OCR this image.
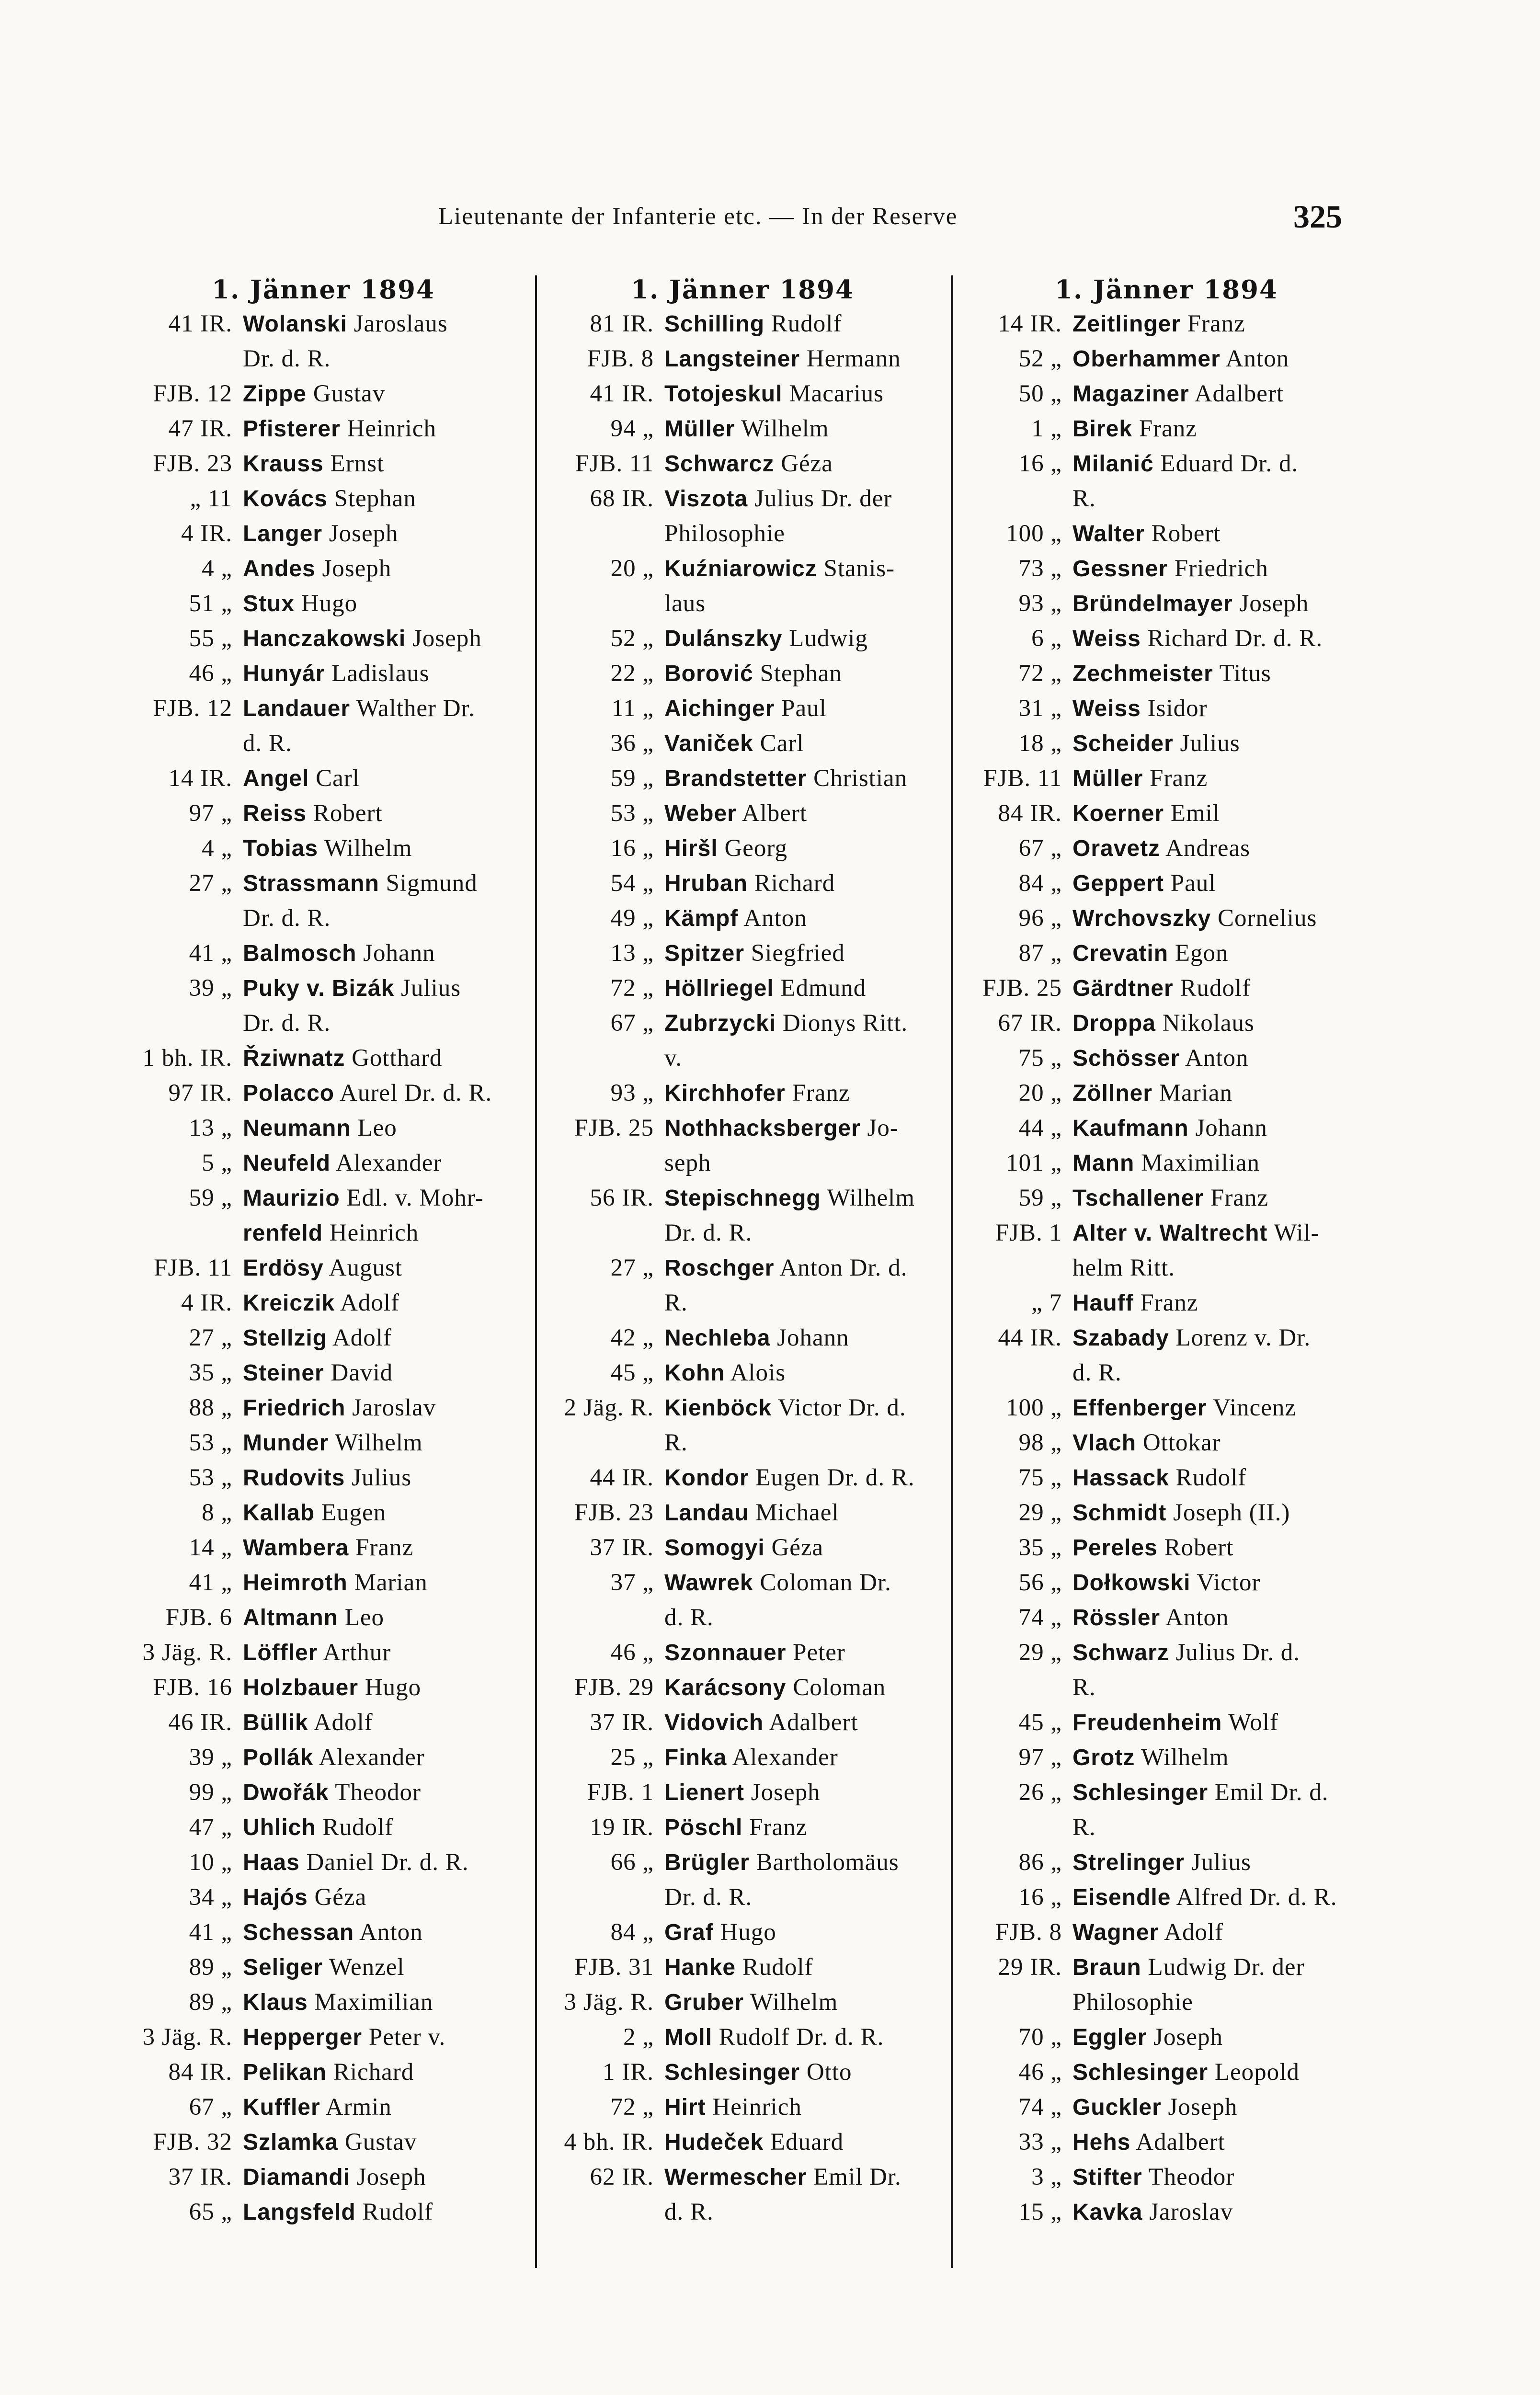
Lieutenante der Infanterie etc. — In der Reserve	325
1. Jänner 1894
41 IR. Wolanski Jaroslaus
Dr. d. R.
FJB. 12 Zippe Gustav
47 IR. Pfisterer Heinrich
FJB. 23 Krauss Ernst
„ 11 Kovács Stephan
4 IR. Langer Joseph
4 „ Andes Joseph
51 „ Stux Hugo
55 „ Hanczakowski Joseph
46 „ Hunyár Ladislaus
FJB. 12 Landauer Walther Dr.
d. R.
14 IR. Angel Carl
97 „ Reiss Robert
4 „ Tobias Wilhelm
27 „ Strassmann Sigmund
Dr. d. R.
41 „ Balmosch Johann
39 „ Puky v. Bizák Julius
Dr. d. R.
1 bh. IR. Řziwnatz Gotthard
97 IR. Polacco Aurel Dr. d. R.
13 „ Neumann Leo
5 „ Neufeld Alexander
59 „ Maurizio Edl. v. Mohr-
renfeld Heinrich
FJB. 11 Erdösy August
4 IR. Kreiczik Adolf
27 „ Stellzig Adolf
35 „ Steiner David
88 „ Friedrich Jaroslav
53 „ Munder Wilhelm
53 „ Rudovits Julius
8 „ Kallab Eugen
14 „ Wambera Franz
41 „ Heimroth Marian
FJB. 6 Altmann Leo
3 Jäg. R. Löffler Arthur
FJB. 16 Holzbauer Hugo
46 IR. Büllik Adolf
39 „ Pollák Alexander
99 „ Dwořák Theodor
47 „ Uhlich Rudolf
10 „ Haas Daniel Dr. d. R.
34 „ Hajós Géza
41 „ Schessan Anton
89 „ Seliger Wenzel
89 „ Klaus Maximilian
3 Jäg. R. Hepperger Peter v.
84 IR. Pelikan Richard
67 „ Kuffler Armin
FJB. 32 Szlamka Gustav
37 IR. Diamandi Joseph
65 „ Langsfeld Rudolf
1. Jänner 1894
81 IR. Schilling Rudolf
FJB. 8 Langsteiner Hermann
41 IR. Totojeskul Macarius
94 „ Müller Wilhelm
FJB. 11 Schwarcz Géza
68 IR. Viszota Julius Dr. der
Philosophie
20 „ Kuźniarowicz Stanis-
laus
52 „ Dulánszky Ludwig
22 „ Borović Stephan
11 „ Aichinger Paul
36 „ Vaniček Carl
59 „ Brandstetter Christian
53 „ Weber Albert
16 „ Hiršl Georg
54 „ Hruban Richard
49 „ Kämpf Anton
13 „ Spitzer Siegfried
72 „ Höllriegel Edmund
67 „ Zubrzycki Dionys Ritt.
v.
93 „ Kirchhofer Franz
FJB. 25 Nothhacksberger Jo-
seph
56 IR. Stepischnegg Wilhelm
Dr. d. R.
27 „ Roschger Anton Dr. d.
R.
42 „ Nechleba Johann
45 „ Kohn Alois
2 Jäg. R. Kienböck Victor Dr. d.
R.
44 IR. Kondor Eugen Dr. d. R.
FJB. 23 Landau Michael
37 IR. Somogyi Géza
37 „ Wawrek Coloman Dr.
d. R.
46 „ Szonnauer Peter
FJB. 29 Karácsony Coloman
37 IR. Vidovich Adalbert
25 „ Finka Alexander
FJB. 1 Lienert Joseph
19 IR. Pöschl Franz
66 „ Brügler Bartholomäus
Dr. d. R.
84 „ Graf Hugo
FJB. 31 Hanke Rudolf
3 Jäg. R. Gruber Wilhelm
2 „ Moll Rudolf Dr. d. R.
1 IR. Schlesinger Otto
72 „ Hirt Heinrich
4 bh. IR. Hudeček Eduard
62 IR. Wermescher Emil Dr.
d. R.
1. Jänner 1894
14 IR. Zeitlinger Franz
52 „ Oberhammer Anton
50 „ Magaziner Adalbert
1 „ Birek Franz
16 „ Milanić Eduard Dr. d.
R.
100 „ Walter Robert
73 „ Gessner Friedrich
93 „ Bründelmayer Joseph
6 „ Weiss Richard Dr. d. R.
72 „ Zechmeister Titus
31 „ Weiss Isidor
18 „ Scheider Julius
FJB. 11 Müller Franz
84 IR. Koerner Emil
67 „ Oravetz Andreas
84 „ Geppert Paul
96 „ Wrchovszky Cornelius
87 „ Crevatin Egon
FJB. 25 Gärdtner Rudolf
67 IR. Droppa Nikolaus
75 „ Schösser Anton
20 „ Zöllner Marian
44 „ Kaufmann Johann
101 „ Mann Maximilian
59 „ Tschallener Franz
FJB. 1 Alter v. Waltrecht Wil-
helm Ritt.
„ 7 Hauff Franz
44 IR. Szabady Lorenz v. Dr.
d. R.
100 „ Effenberger Vincenz
98 „ Vlach Ottokar
75 „ Hassack Rudolf
29 „ Schmidt Joseph (II.)
35 „ Pereles Robert
56 „ Dołkowski Victor
74 „ Rössler Anton
29 „ Schwarz Julius Dr. d.
R.
45 „ Freudenheim Wolf
97 „ Grotz Wilhelm
26 „ Schlesinger Emil Dr. d.
R.
86 „ Strelinger Julius
16 „ Eisendle Alfred Dr. d. R.
FJB. 8 Wagner Adolf
29 IR. Braun Ludwig Dr. der
Philosophie
70 „ Eggler Joseph
46 „ Schlesinger Leopold
74 „ Guckler Joseph
33 „ Hehs Adalbert
3 „ Stifter Theodor
15 „ Kavka Jaroslav
